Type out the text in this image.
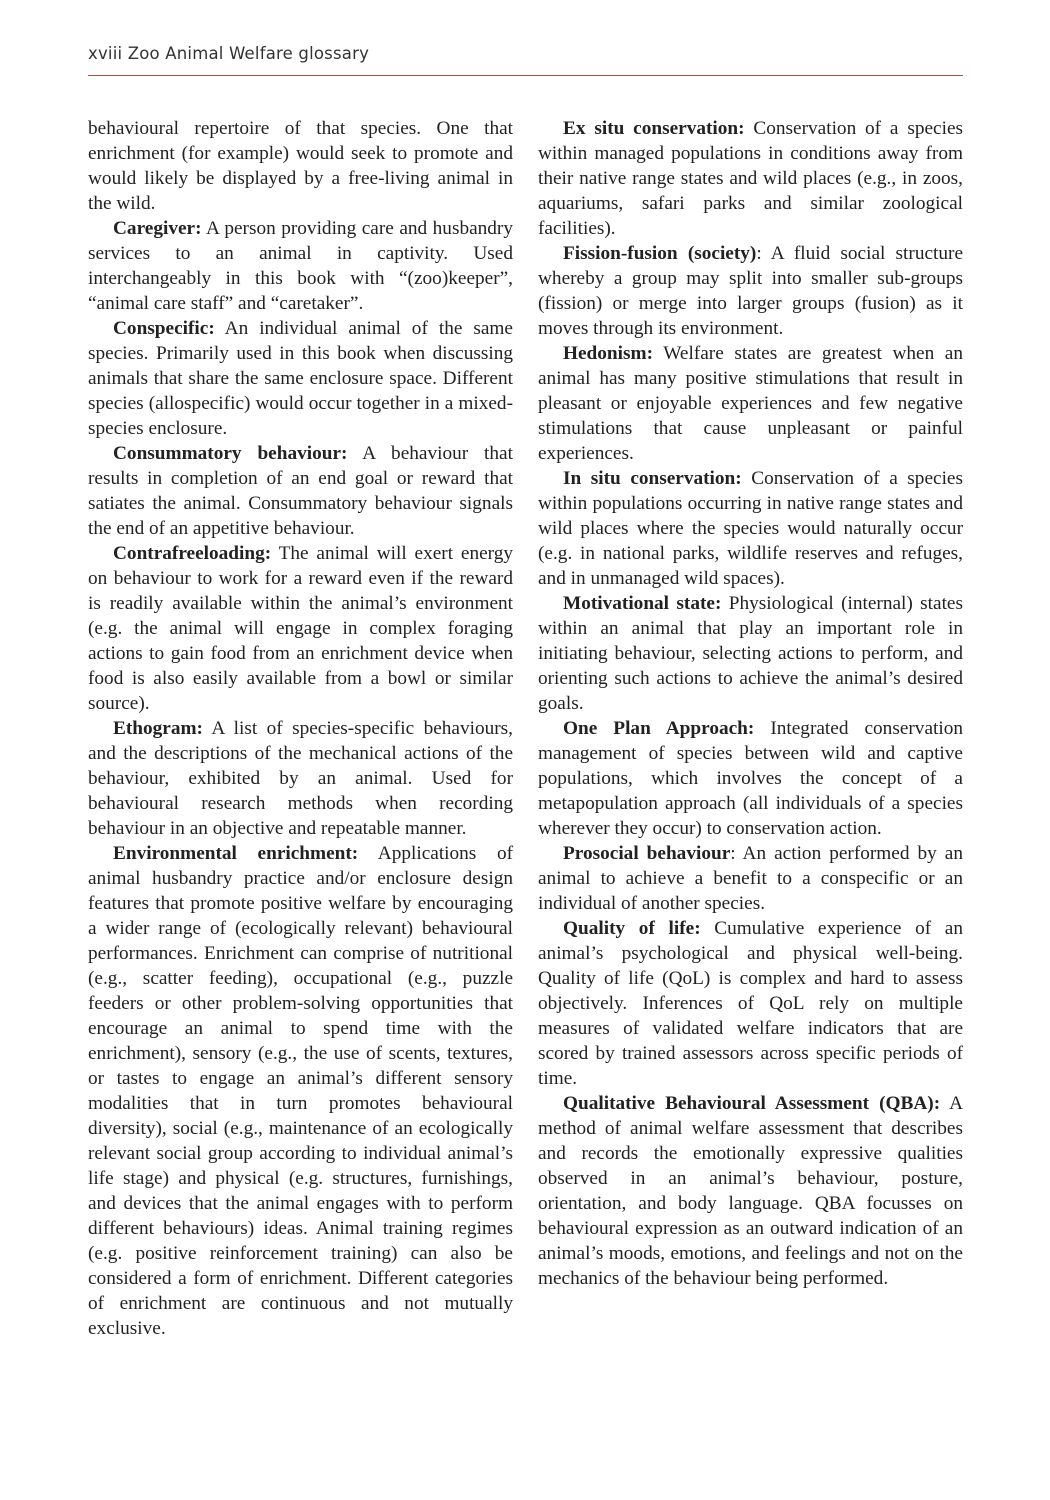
xviii Zoo Animal Welfare glossary

behavioural repertoire of that species. One that enrichment (for example) would seek to promote and would likely be displayed by a free-living animal in the wild.

Caregiver: A person providing care and husbandry services to an animal in captivity. Used interchangeably in this book with “(zoo)keeper”, “animal care staff” and “caretaker”.

Conspecific: An individual animal of the same species. Primarily used in this book when discussing animals that share the same enclosure space. Different species (allospecific) would occur together in a mixed-species enclosure.

Consummatory behaviour: A behaviour that results in completion of an end goal or reward that satiates the animal. Consummatory behaviour signals the end of an appetitive behaviour.

Contrafreeloading: The animal will exert energy on behaviour to work for a reward even if the reward is readily available within the animal’s environment (e.g. the animal will engage in complex foraging actions to gain food from an enrichment device when food is also easily available from a bowl or similar source).

Ethogram: A list of species-specific behaviours, and the descriptions of the mechanical actions of the behaviour, exhibited by an animal. Used for behavioural research methods when recording behaviour in an objective and repeatable manner.

Environmental enrichment: Applications of animal husbandry practice and/or enclosure design features that promote positive welfare by encouraging a wider range of (ecologically relevant) behavioural performances. Enrichment can comprise of nutritional (e.g., scatter feeding), occupational (e.g., puzzle feeders or other problem-solving opportunities that encourage an animal to spend time with the enrichment), sensory (e.g., the use of scents, textures, or tastes to engage an animal’s different sensory modalities that in turn promotes behavioural diversity), social (e.g., maintenance of an ecologically relevant social group according to individual animal’s life stage) and physical (e.g. structures, furnishings, and devices that the animal engages with to perform different behaviours) ideas. Animal training regimes (e.g. positive reinforcement training) can also be considered a form of enrichment. Different categories of enrichment are continuous and not mutually exclusive.

Ex situ conservation: Conservation of a species within managed populations in conditions away from their native range states and wild places (e.g., in zoos, aquariums, safari parks and similar zoological facilities).

Fission-fusion (society): A fluid social structure whereby a group may split into smaller sub-groups (fission) or merge into larger groups (fusion) as it moves through its environment.

Hedonism: Welfare states are greatest when an animal has many positive stimulations that result in pleasant or enjoyable experiences and few negative stimulations that cause unpleasant or painful experiences.

In situ conservation: Conservation of a species within populations occurring in native range states and wild places where the species would naturally occur (e.g. in national parks, wildlife reserves and refuges, and in unmanaged wild spaces).

Motivational state: Physiological (internal) states within an animal that play an important role in initiating behaviour, selecting actions to perform, and orienting such actions to achieve the animal’s desired goals.

One Plan Approach: Integrated conservation management of species between wild and captive populations, which involves the concept of a metapopulation approach (all individuals of a species wherever they occur) to conservation action.

Prosocial behaviour: An action performed by an animal to achieve a benefit to a conspecific or an individual of another species.

Quality of life: Cumulative experience of an animal’s psychological and physical well-being. Quality of life (QoL) is complex and hard to assess objectively. Inferences of QoL rely on multiple measures of validated welfare indicators that are scored by trained assessors across specific periods of time.

Qualitative Behavioural Assessment (QBA): A method of animal welfare assessment that describes and records the emotionally expressive qualities observed in an animal’s behaviour, posture, orientation, and body language. QBA focusses on behavioural expression as an outward indication of an animal’s moods, emotions, and feelings and not on the mechanics of the behaviour being performed.
